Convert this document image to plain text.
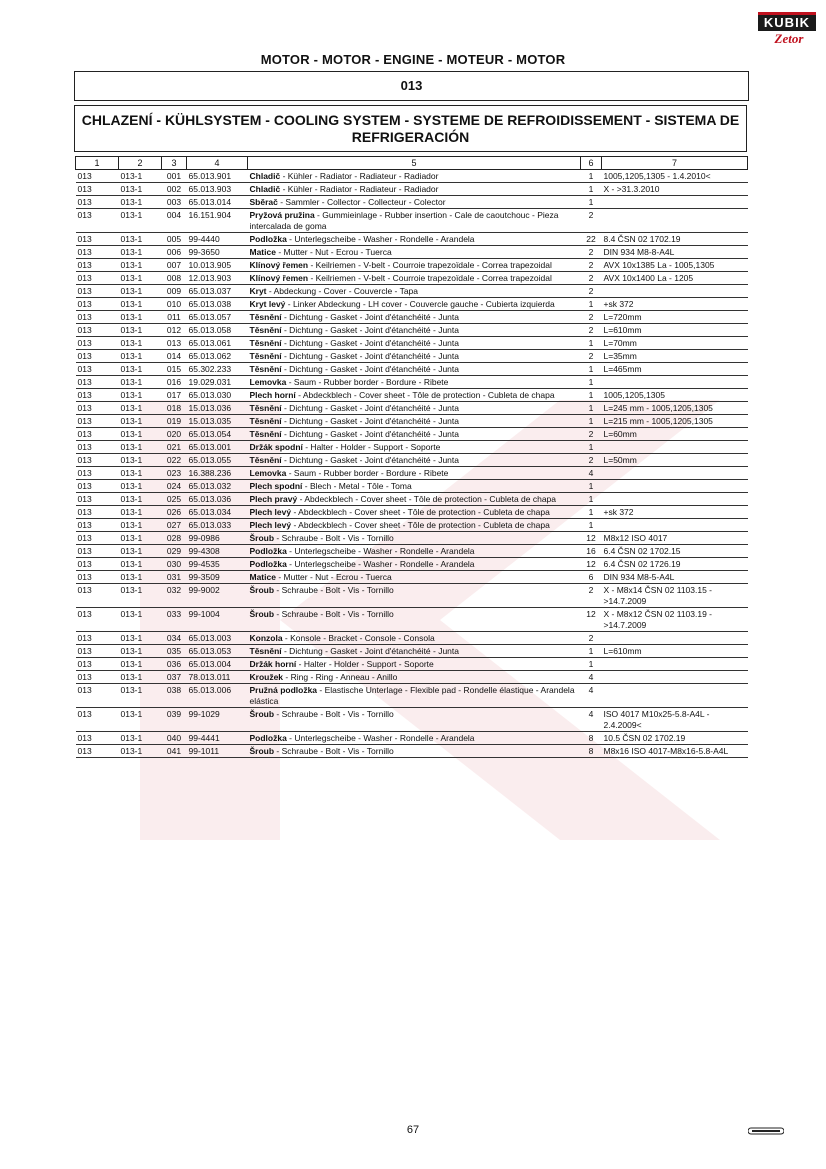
MOTOR - MOTOR - ENGINE - MOTEUR - MOTOR
KUBIK
Zetor
013
CHLAZENÍ - KÜHLSYSTEM - COOLING SYSTEM - SYSTEME DE REFROIDISSEMENT - SISTEMA DE
REFRIGERACIÓN
1	2	3	4	5	6	7
013	013-1	001	65.013.901	Chladič - Kühler - Radiator - Radiateur - Radiador	1	1005,1205,1305 - 1.4.2010<
013	013-1	002	65.013.903	Chladič - Kühler - Radiator - Radiateur - Radiador	1	X - >31.3.2010
013	013-1	003	65.013.014	Sběrač - Sammler - Collector - Collecteur - Colector	1	
013	013-1	004	16.151.904	Pryžová pružina - Gummieinlage - Rubber insertion - Cale de caoutchouc - Pieza intercalada de goma	2	
013	013-1	005	99-4440	Podložka - Unterlegscheibe - Washer - Rondelle - Arandela	22	8.4 ČSN 02 1702.19
013	013-1	006	99-3650	Matice - Mutter - Nut - Ecrou - Tuerca	2	DIN 934 M8-8-A4L
013	013-1	007	10.013.905	Klínový řemen - Keilriemen - V-belt - Courroie trapezoïdale - Correa trapezoidal	2	AVX 10x1385 La - 1005,1305
013	013-1	008	12.013.903	Klínový řemen - Keilriemen - V-belt - Courroie trapezoïdale - Correa trapezoidal	2	AVX 10x1400 La - 1205
013	013-1	009	65.013.037	Kryt - Abdeckung - Cover - Couvercle - Tapa	2	
013	013-1	010	65.013.038	Kryt levý - Linker Abdeckung - LH cover - Couvercle gauche - Cubierta izquierda	1	+sk 372
013	013-1	011	65.013.057	Těsnění - Dichtung - Gasket - Joint d'étanchéité - Junta	2	L=720mm
013	013-1	012	65.013.058	Těsnění - Dichtung - Gasket - Joint d'étanchéité - Junta	2	L=610mm
013	013-1	013	65.013.061	Těsnění - Dichtung - Gasket - Joint d'étanchéité - Junta	1	L=70mm
013	013-1	014	65.013.062	Těsnění - Dichtung - Gasket - Joint d'étanchéité - Junta	2	L=35mm
013	013-1	015	65.302.233	Těsnění - Dichtung - Gasket - Joint d'étanchéité - Junta	1	L=465mm
013	013-1	016	19.029.031	Lemovka - Saum - Rubber border - Bordure - Ribete	1	
013	013-1	017	65.013.030	Plech horní - Abdeckblech - Cover sheet - Tôle de protection - Cubleta de chapa	1	1005,1205,1305
013	013-1	018	15.013.036	Těsnění - Dichtung - Gasket - Joint d'étanchéité - Junta	1	L=245 mm - 1005,1205,1305
013	013-1	019	15.013.035	Těsnění - Dichtung - Gasket - Joint d'étanchéité - Junta	1	L=215 mm - 1005,1205,1305
013	013-1	020	65.013.054	Těsnění - Dichtung - Gasket - Joint d'étanchéité - Junta	2	L=60mm
013	013-1	021	65.013.001	Držák spodní - Halter - Holder - Support - Soporte	1	
013	013-1	022	65.013.055	Těsnění - Dichtung - Gasket - Joint d'étanchéité - Junta	2	L=50mm
013	013-1	023	16.388.236	Lemovka - Saum - Rubber border - Bordure - Ribete	4	
013	013-1	024	65.013.032	Plech spodní - Blech - Metal - Tôle - Toma	1	
013	013-1	025	65.013.036	Plech pravý - Abdeckblech - Cover sheet - Tôle de protection - Cubleta de chapa	1	
013	013-1	026	65.013.034	Plech levý - Abdeckblech - Cover sheet - Tôle de protection - Cubleta de chapa	1	+sk 372
013	013-1	027	65.013.033	Plech levý - Abdeckblech - Cover sheet - Tôle de protection - Cubleta de chapa	1	
013	013-1	028	99-0986	Šroub - Schraube - Bolt - Vis - Tornillo	12	M8x12 ISO 4017
013	013-1	029	99-4308	Podložka - Unterlegscheibe - Washer - Rondelle - Arandela	16	6.4 ČSN 02 1702.15
013	013-1	030	99-4535	Podložka - Unterlegscheibe - Washer - Rondelle - Arandela	12	6.4 ČSN 02 1726.19
013	013-1	031	99-3509	Matice - Mutter - Nut - Ecrou - Tuerca	6	DIN 934 M8-5-A4L
013	013-1	032	99-9002	Šroub - Schraube - Bolt - Vis - Tornillo	2	X - M8x14 ČSN 02 1103.15 - >14.7.2009
013	013-1	033	99-1004	Šroub - Schraube - Bolt - Vis - Tornillo	12	X - M8x12 ČSN 02 1103.19 - >14.7.2009
013	013-1	034	65.013.003	Konzola - Konsole - Bracket - Console - Consola	2	
013	013-1	035	65.013.053	Těsnění - Dichtung - Gasket - Joint d'étanchéité - Junta	1	L=610mm
013	013-1	036	65.013.004	Držák horní - Halter - Holder - Support - Soporte	1	
013	013-1	037	78.013.011	Kroužek - Ring - Ring - Anneau - Anillo	4	
013	013-1	038	65.013.006	Pružná podložka - Elastische Unterlage - Flexible pad - Rondelle élastique - Arandela elástica	4	
013	013-1	039	99-1029	Šroub - Schraube - Bolt - Vis - Tornillo	4	ISO 4017 M10x25-5.8-A4L - 2.4.2009<
013	013-1	040	99-4441	Podložka - Unterlegscheibe - Washer - Rondelle - Arandela	8	10.5 ČSN 02 1702.19
013	013-1	041	99-1011	Šroub - Schraube - Bolt - Vis - Tornillo	8	M8x16 ISO 4017-M8x16-5.8-A4L
67
